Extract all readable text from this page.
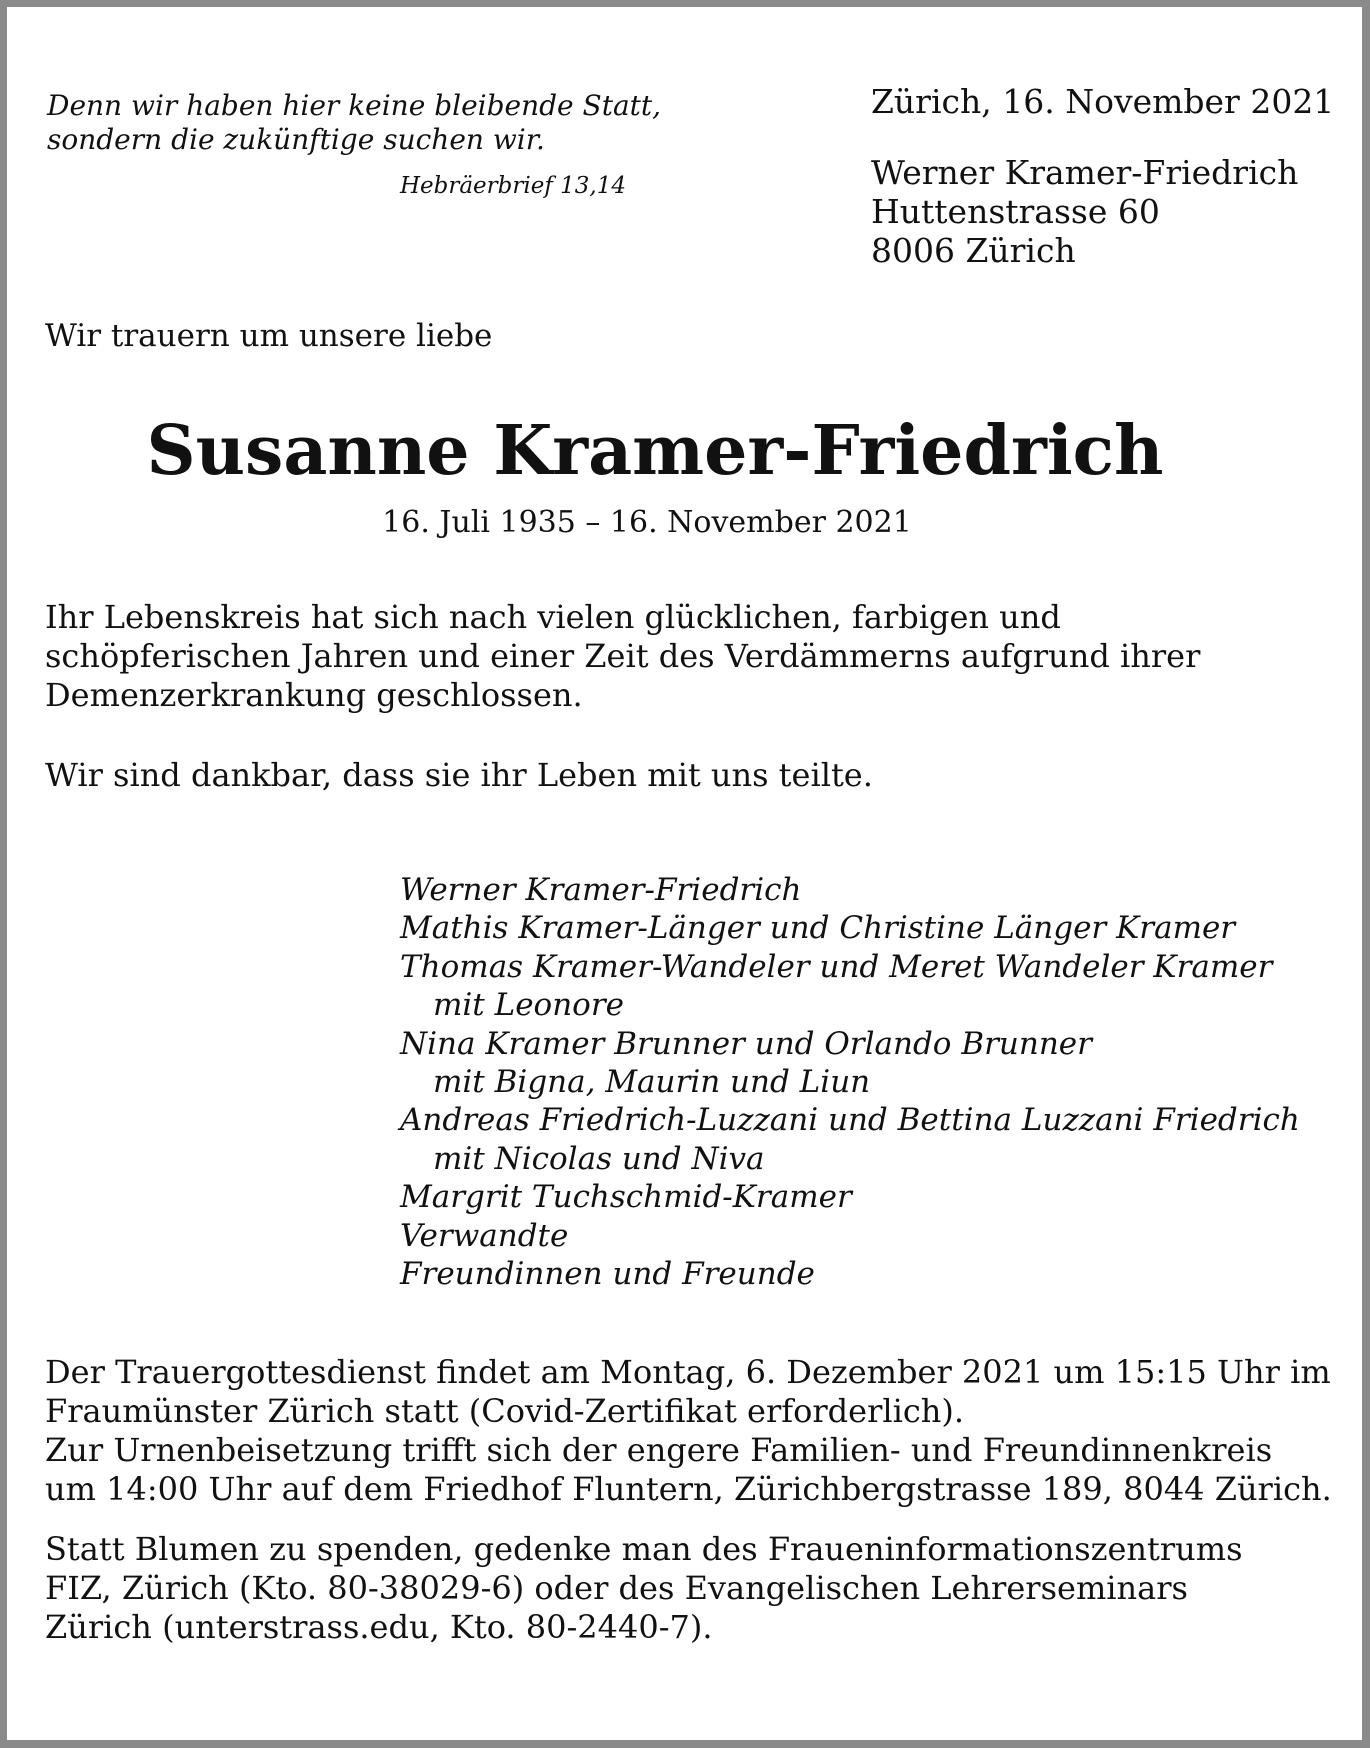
Denn wir haben hier keine bleibende Statt,
sondern die zukünftige suchen wir.
Hebräerbrief 13,14
Zürich, 16. November 2021
Werner Kramer-Friedrich
Huttenstrasse 60
8006 Zürich
Wir trauern um unsere liebe
Susanne Kramer-Friedrich
16. Juli 1935 – 16. November 2021
Ihr Lebenskreis hat sich nach vielen glücklichen, farbigen und
schöpferischen Jahren und einer Zeit des Verdämmerns aufgrund ihrer
Demenzerkrankung geschlossen.
Wir sind dankbar, dass sie ihr Leben mit uns teilte.
Werner Kramer-Friedrich
Mathis Kramer-Länger und Christine Länger Kramer
Thomas Kramer-Wandeler und Meret Wandeler Kramer
mit Leonore
Nina Kramer Brunner und Orlando Brunner
mit Bigna, Maurin und Liun
Andreas Friedrich-Luzzani und Bettina Luzzani Friedrich
mit Nicolas und Niva
Margrit Tuchschmid-Kramer
Verwandte
Freundinnen und Freunde
Der Trauergottesdienst findet am Montag, 6. Dezember 2021 um 15:15 Uhr im
Fraumünster Zürich statt (Covid-Zertifikat erforderlich).
Zur Urnenbeisetzung trifft sich der engere Familien- und Freundinnenkreis
um 14:00 Uhr auf dem Friedhof Fluntern, Zürichbergstrasse 189, 8044 Zürich.
Statt Blumen zu spenden, gedenke man des Fraueninformationszentrums
FIZ, Zürich (Kto. 80-38029-6) oder des Evangelischen Lehrerseminars
Zürich (unterstrass.edu, Kto. 80-2440-7).
